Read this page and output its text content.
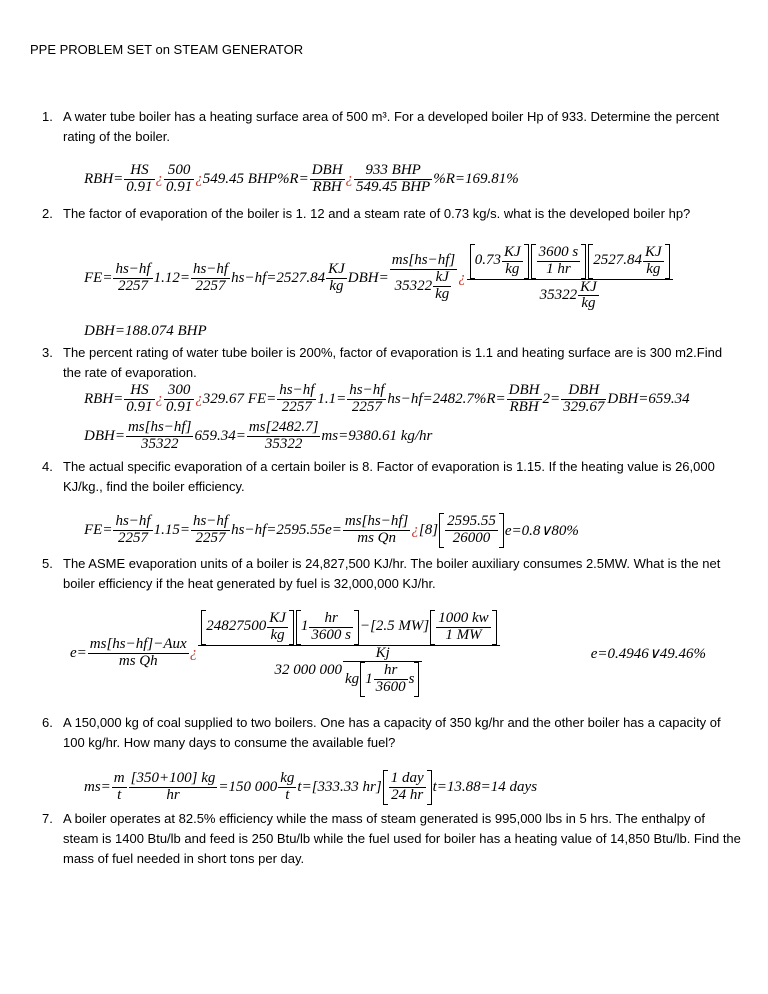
PPE PROBLEM SET on STEAM GENERATOR
1. A water tube boiler has a heating surface area of 500 m³. For a developed boiler Hp of 933. Determine the percent rating of the boiler.
$RBH= \frac{HS}{0.91}$ ¿ $\frac{500}{0.91}$ ¿ 549.45 $BHP\%R= \frac{\text{DBH}}{\text{RBH}}$ ¿ $\frac{\text{933 BHP}}{\text{549.45 BHP}} \%R=169.81\%$
2. The factor of evaporation of the boiler is 1. 12 and a steam rate of 0.73 kg/s. what is the developed boiler hp?
$FE= \frac{hs-hf}{2257} 1.12= \frac{hs-hf}{2257} hs-hf=2527.84 \frac{KJ}{kg} DBH= \frac{ms[hs-hf]}{35322 \frac{kJ}{kg}}$ ¿ $\frac{0.73 \frac{KJ}{kg} \frac{3600 s}{1 hr} 2527.84 \frac{KJ}{kg}}{35322 \frac{KJ}{kg}}$
DBH=188.074 BHP
3. The percent rating of water tube boiler is 200%, factor of evaporation is 1.1 and heating surface are is 300 m2.Find the rate of evaporation.
$RBH= \frac{HS}{0.91}$ ¿ $\frac{300}{0.91}$ ¿ 329.67 $FE= \frac{hs-hf}{2257} 1.1= \frac{hs-hf}{2257} hs-hf=2482.7\%R= \frac{\text{DBH}}{\text{RBH}} 2= \frac{\text{DBH}}{329.67} DBH=659.34$
$DBH= \frac{ms[hs-hf]}{35322} 659.34= \frac{ms[2482.7]}{35322} ms=9380.61$ kg/hr
4. The actual specific evaporation of a certain boiler is 8. Factor of evaporation is 1.15. If the heating value is 26,000 KJ/kg., find the boiler efficiency.
$FE= \frac{hs-hf}{2257} 1.15= \frac{hs-hf}{2257} hs-hf=2595.55e= \frac{ms[hs-hf]}{\text{ms Qn}}$ ¿ $[8] \frac{2595.55}{26000}$ e=0.8∨80%
5. The ASME evaporation units of a boiler is 24,827,500 KJ/hr. The boiler auxiliary consumes 2.5MW. What is the net boiler efficiency if the heat generated by fuel is 32,000,000 KJ/hr.
$e= \frac{\text{ms[hs−hf]−Aux}}{\text{ms Qh}}$ ¿ $\frac{24827500 \frac{KJ}{kg} 1 \frac{hr}{3600 s} -[2.5 MW] \frac{1000 kw}{1 MW}}{32 000 000 \frac{Kj}{kg 1 \frac{hr}{3600} s}}$	e=0.4946∨49.46%
6. A 150,000 kg of coal supplied to two boilers. One has a capacity of 350 kg/hr and the other boiler has a capacity of 100 kg/hr. How many days to consume the available fuel?
$ms= \frac{m}{t} \frac{[350+100] kg}{hr} =150$ $000 \frac{kg}{t} t=[333.33$ $hr] \frac{\text{1 day}}{24 hr} t=13.88=14$ days
7. A boiler operates at 82.5% efficiency while the mass of steam generated is 995,000 lbs in 5 hrs. The enthalpy of steam is 1400 Btu/lb and feed is 250 Btu/lb while the fuel used for boiler has a heating value of 14,850 Btu/lb. Find the mass of fuel needed in short tons per day.
